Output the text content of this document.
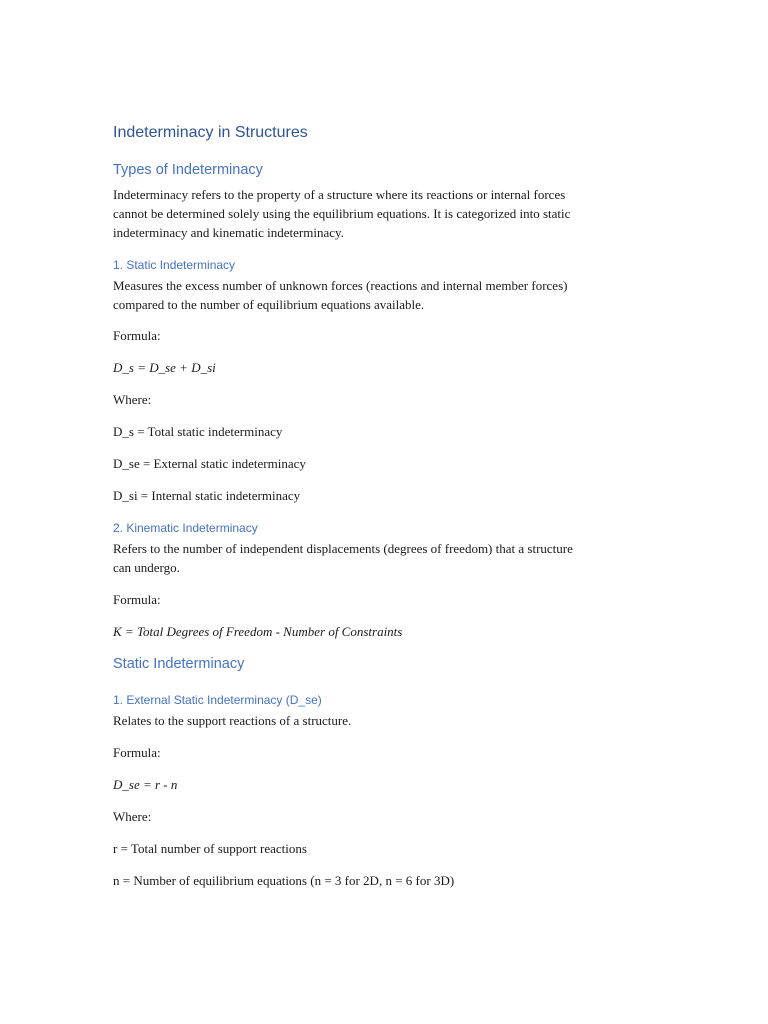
Indeterminacy in Structures
Types of Indeterminacy
Indeterminacy refers to the property of a structure where its reactions or internal forces
cannot be determined solely using the equilibrium equations. It is categorized into static
indeterminacy and kinematic indeterminacy.
1. Static Indeterminacy
Measures the excess number of unknown forces (reactions and internal member forces)
compared to the number of equilibrium equations available.

Formula:

D_s = D_se + D_si

Where:

D_s = Total static indeterminacy

D_se = External static indeterminacy

D_si = Internal static indeterminacy

2. Kinematic Indeterminacy
Refers to the number of independent displacements (degrees of freedom) that a structure
can undergo.

Formula:

K = Total Degrees of Freedom - Number of Constraints

Static Indeterminacy
1. External Static Indeterminacy (D_se)

Relates to the support reactions of a structure.

Formula:

D_se = r - n

Where:

r = Total number of support reactions

n = Number of equilibrium equations (n = 3 for 2D, n = 6 for 3D)
